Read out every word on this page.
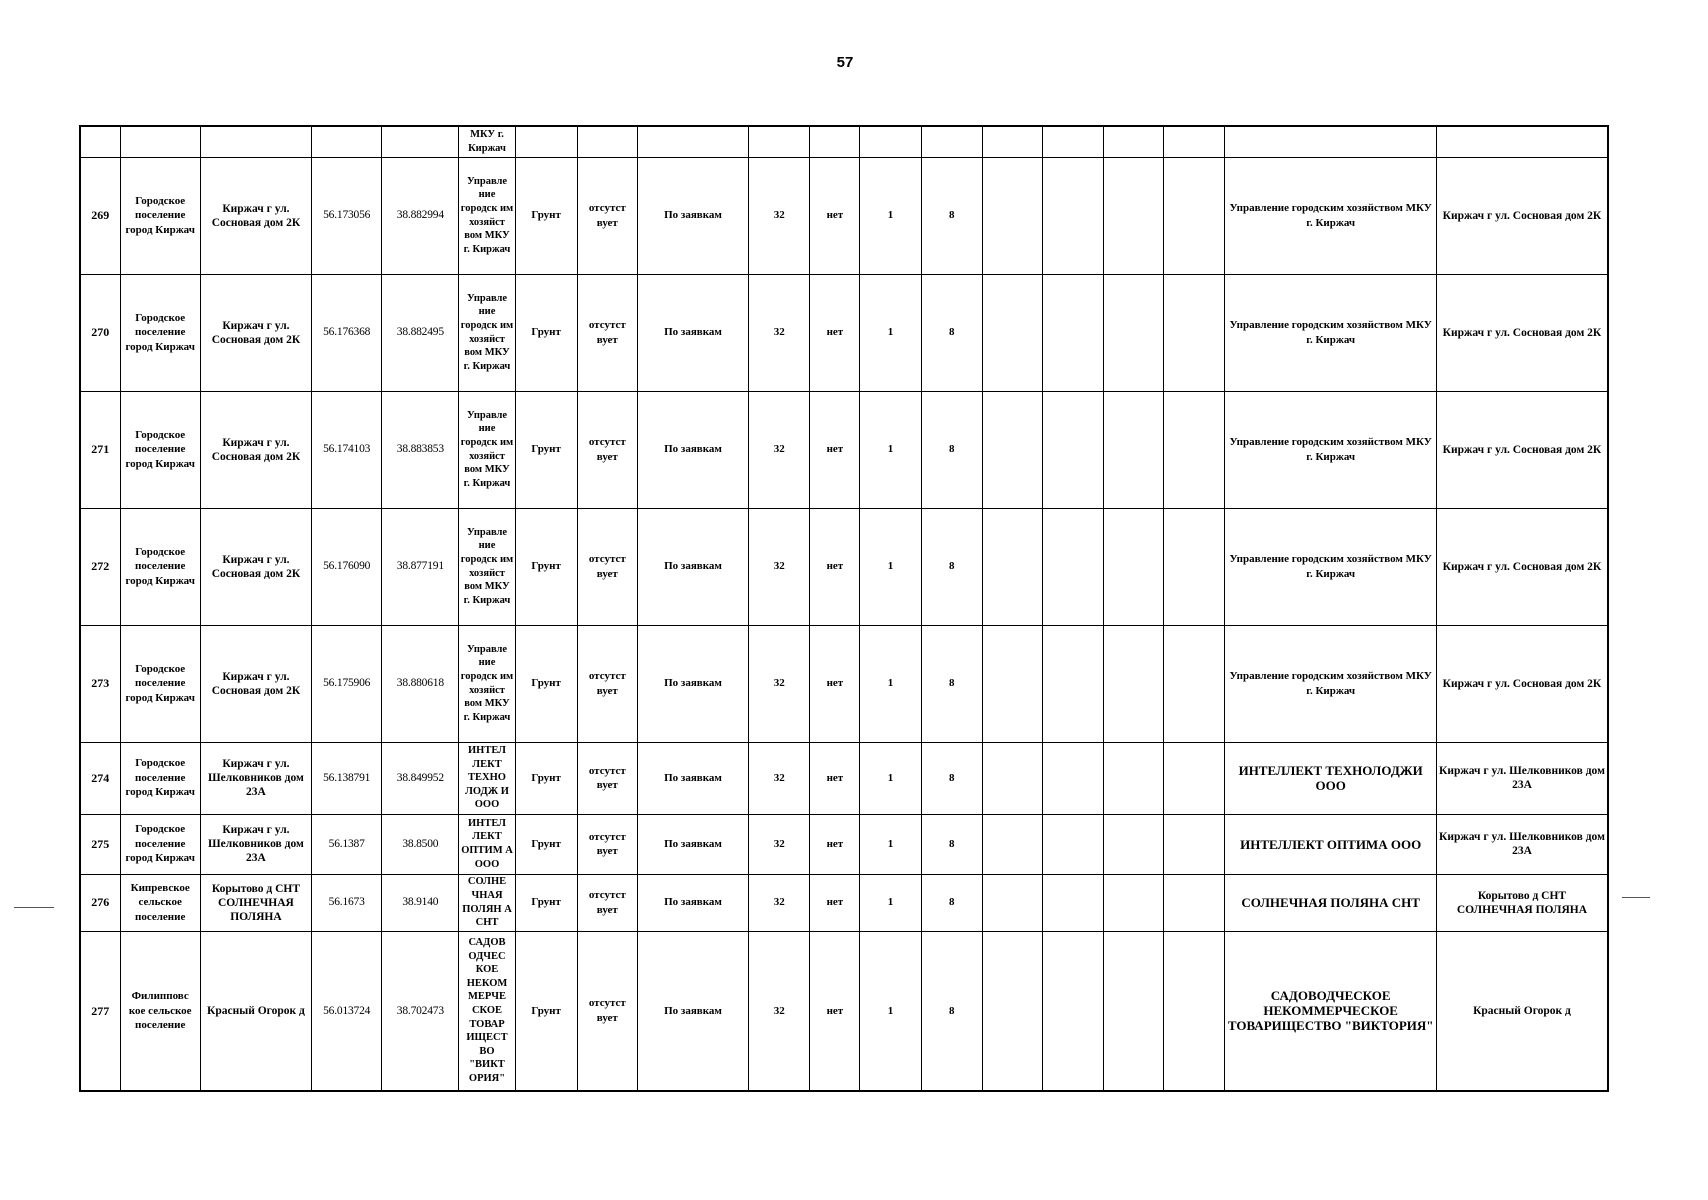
57
					МКУ г. Киржач													
269	Городское поселение город Киржач	Киржач г ул. Сосновая дом 2К	56.173056	38.882994	Управле ние городск им хозяйст вом МКУ г. Киржач	Грунт	отсутст вует	По заявкам	32	нет	1	8					Управление городским хозяйством МКУ г. Киржач	Киржач г ул. Сосновая дом 2К
270	Городское поселение город Киржач	Киржач г ул. Сосновая дом 2К	56.176368	38.882495	Управле ние городск им хозяйст вом МКУ г. Киржач	Грунт	отсутст вует	По заявкам	32	нет	1	8					Управление городским хозяйством МКУ г. Киржач	Киржач г ул. Сосновая дом 2К
271	Городское поселение город Киржач	Киржач г ул. Сосновая дом 2К	56.174103	38.883853	Управле ние городск им хозяйст вом МКУ г. Киржач	Грунт	отсутст вует	По заявкам	32	нет	1	8					Управление городским хозяйством МКУ г. Киржач	Киржач г ул. Сосновая дом 2К
272	Городское поселение город Киржач	Киржач г ул. Сосновая дом 2К	56.176090	38.877191	Управле ние городск им хозяйст вом МКУ г. Киржач	Грунт	отсутст вует	По заявкам	32	нет	1	8					Управление городским хозяйством МКУ г. Киржач	Киржач г ул. Сосновая дом 2К
273	Городское поселение город Киржач	Киржач г ул. Сосновая дом 2К	56.175906	38.880618	Управле ние городск им хозяйст вом МКУ г. Киржач	Грунт	отсутст вует	По заявкам	32	нет	1	8					Управление городским хозяйством МКУ г. Киржач	Киржач г ул. Сосновая дом 2К
274	Городское поселение город Киржач	Киржач г ул. Шелковников дом 23А	56.138791	38.849952	ИНТЕЛ ЛЕКТ ТЕХНО ЛОДЖ И ООО	Грунт	отсутст вует	По заявкам	32	нет	1	8					ИНТЕЛЛЕКТ ТЕХНОЛОДЖИ ООО	Киржач г ул. Шелковников дом 23А
275	Городское поселение город Киржач	Киржач г ул. Шелковников дом 23А	56.1387	38.8500	ИНТЕЛ ЛЕКТ ОПТИМ А ООО	Грунт	отсутст вует	По заявкам	32	нет	1	8					ИНТЕЛЛЕКТ ОПТИМА ООО	Киржач г ул. Шелковников дом 23А
276	Кипревское сельское поселение	Корытово д СНТ СОЛНЕЧНАЯ ПОЛЯНА	56.1673	38.9140	СОЛНЕ ЧНАЯ ПОЛЯН А СНТ	Грунт	отсутст вует	По заявкам	32	нет	1	8					СОЛНЕЧНАЯ ПОЛЯНА СНТ	Корытово д СНТ СОЛНЕЧНАЯ ПОЛЯНА
277	Филипповс кое сельское поселение	Красный Огорок д	56.013724	38.702473	САДОВ ОДЧЕС КОЕ НЕКОМ МЕРЧЕ СКОЕ ТОВАР ИЩЕСТ ВО "ВИКТ ОРИЯ"	Грунт	отсутст вует	По заявкам	32	нет	1	8					САДОВОДЧЕСКОЕ НЕКОММЕРЧЕСКОЕ ТОВАРИЩЕСТВО "ВИКТОРИЯ"	Красный Огорок д
